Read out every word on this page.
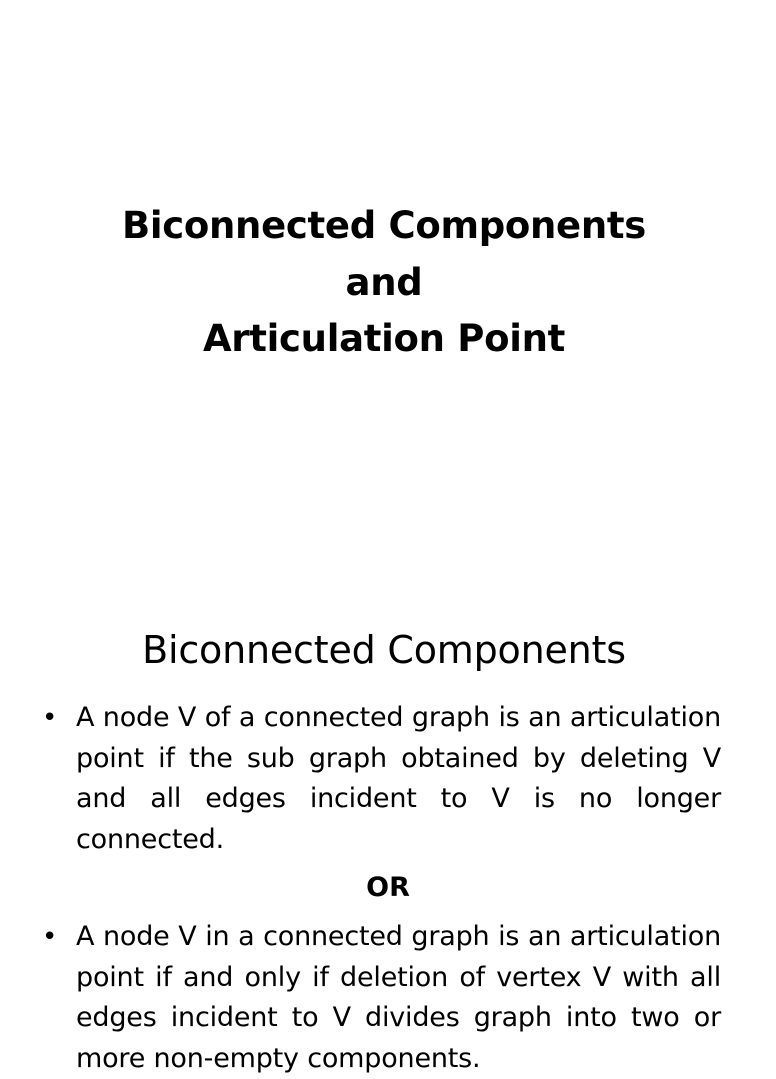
Biconnected Components
and
Articulation Point
Biconnected Components
• A node V of a connected graph is an articulation point if the sub graph obtained by deleting V and all edges incident to V is no longer connected.
OR
• A node V in a connected graph is an articulation point if and only if deletion of vertex V with all edges incident to V divides graph into two or more non-empty components.
